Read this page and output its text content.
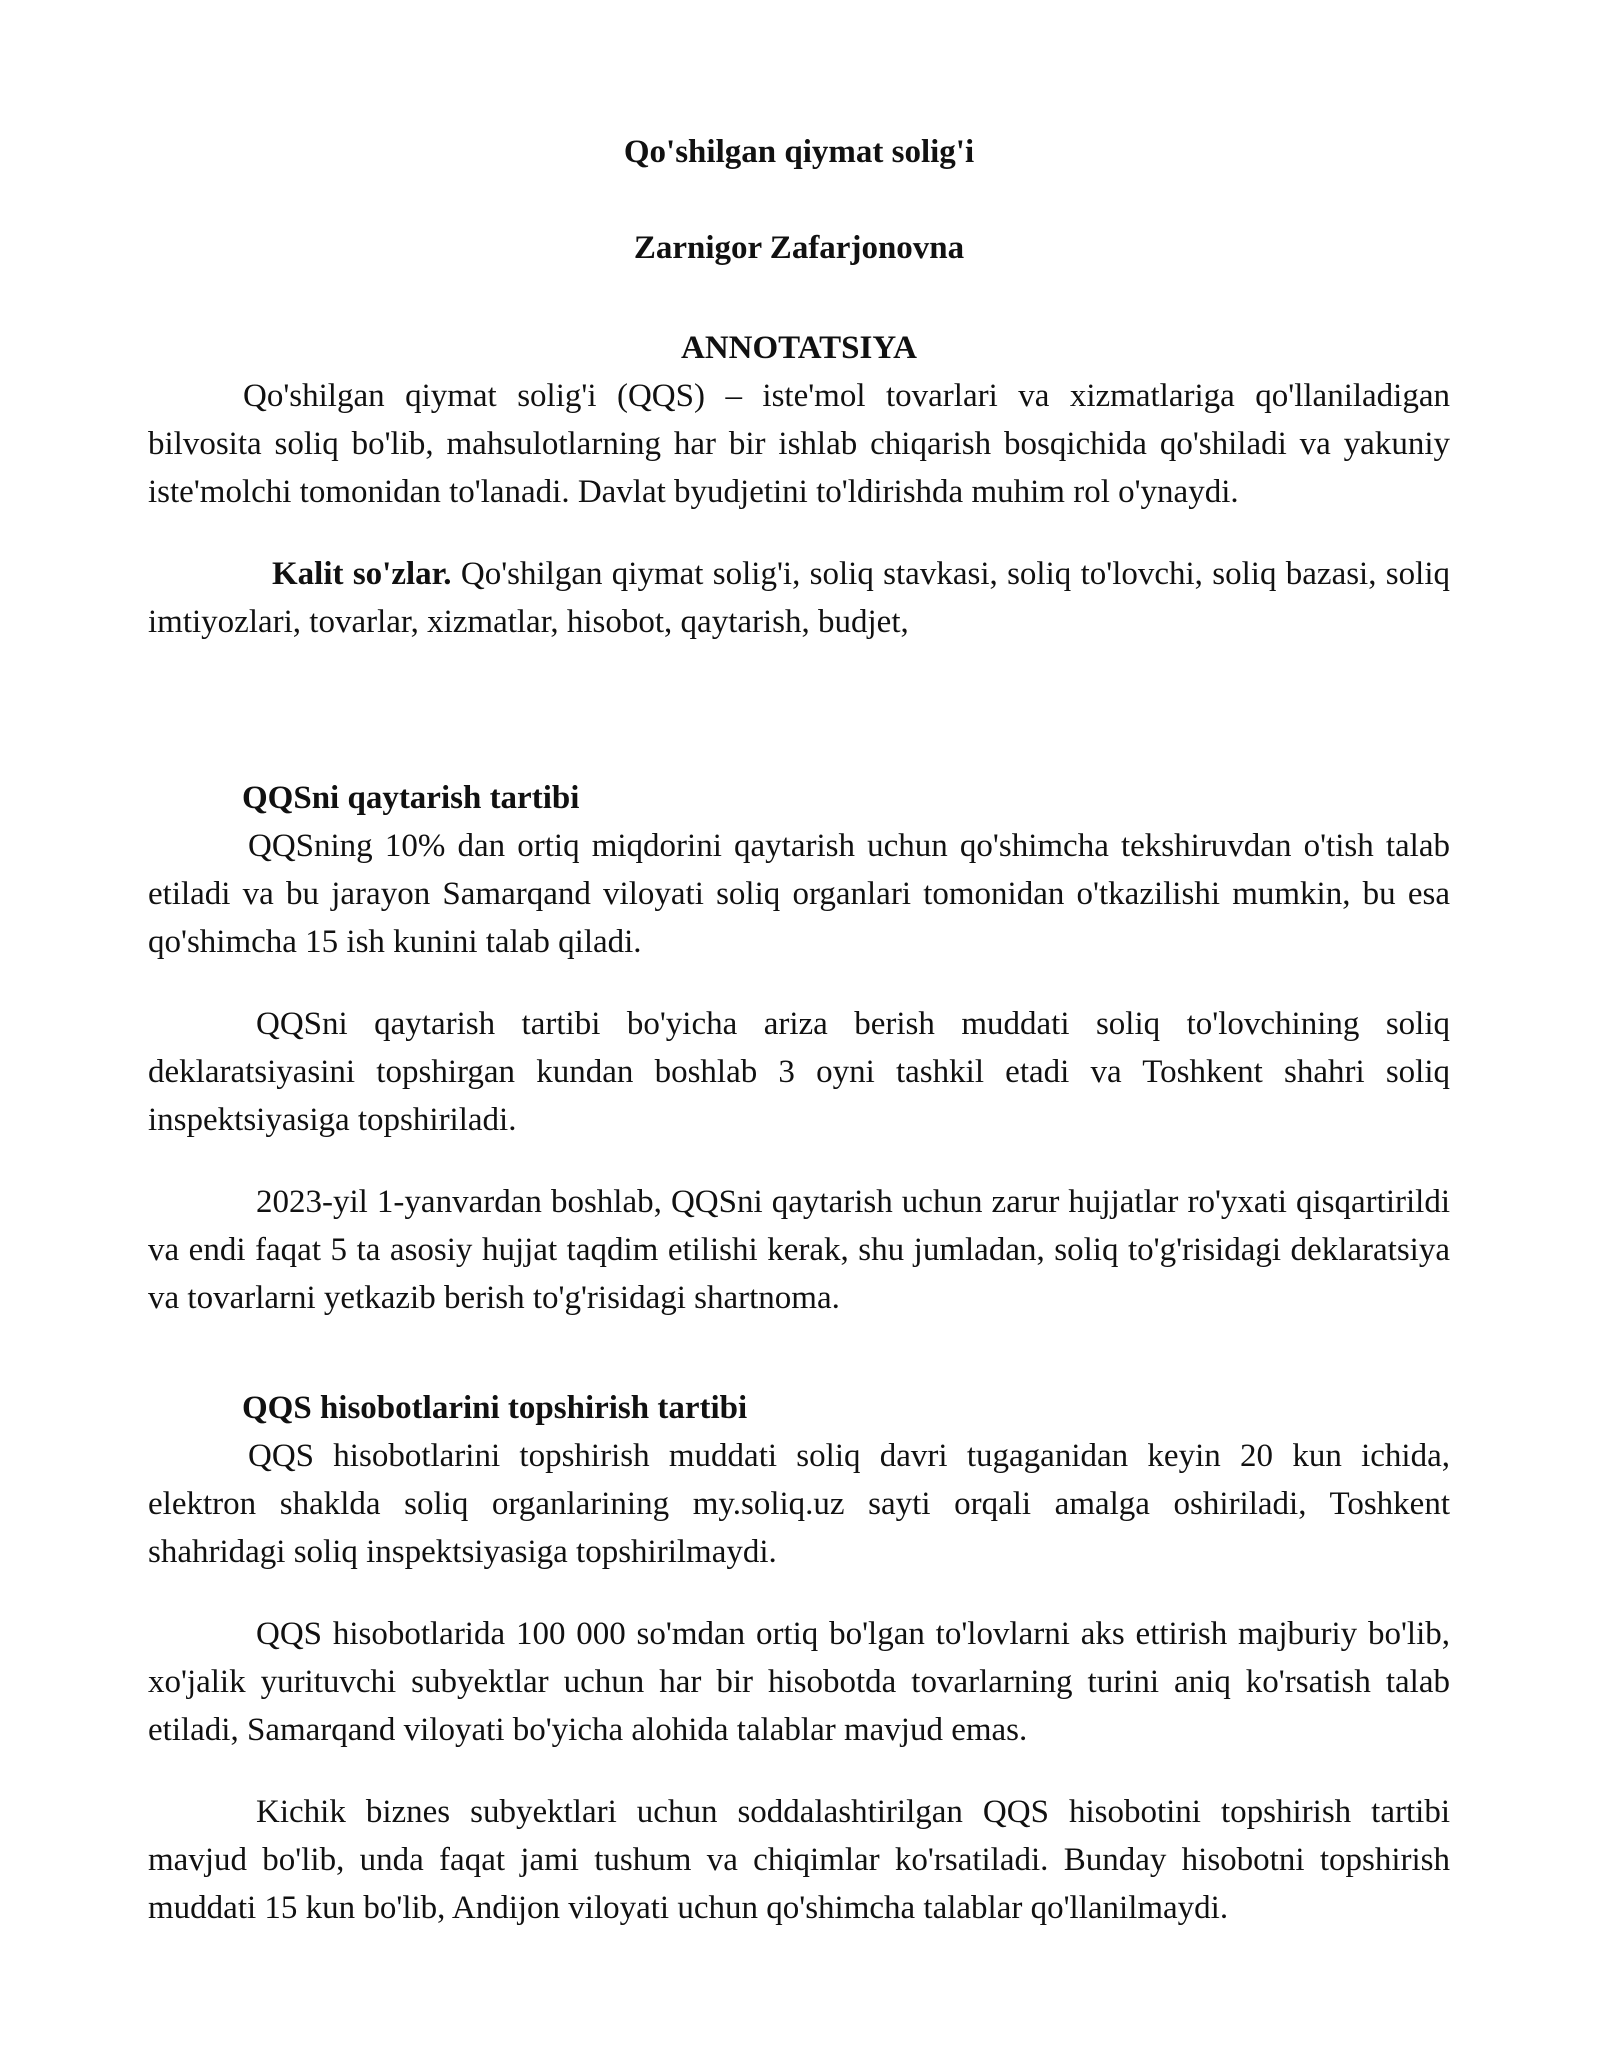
Qo'shilgan qiymat solig'i
Zarnigor Zafarjonovna
ANNOTATSIYA

Qo'shilgan qiymat solig'i (QQS) – iste'mol tovarlari va xizmatlariga qo'llaniladigan bilvosita soliq bo'lib, mahsulotlarning har bir ishlab chiqarish bosqichida qo'shiladi va yakuniy iste'molchi tomonidan to'lanadi. Davlat byudjetini to'ldirishda muhim rol o'ynaydi.

Kalit so'zlar. Qo'shilgan qiymat solig'i, soliq stavkasi, soliq to'lovchi, soliq bazasi, soliq imtiyozlari, tovarlar, xizmatlar, hisobot, qaytarish, budjet,

QQSni qaytarish tartibi

QQSning 10% dan ortiq miqdorini qaytarish uchun qo'shimcha tekshiruvdan o'tish talab etiladi va bu jarayon Samarqand viloyati soliq organlari tomonidan o'tkazilishi mumkin, bu esa qo'shimcha 15 ish kunini talab qiladi.

QQSni qaytarish tartibi bo'yicha ariza berish muddati soliq to'lovchining soliq deklaratsiyasini topshirgan kundan boshlab 3 oyni tashkil etadi va Toshkent shahri soliq inspektsiyasiga topshiriladi.

2023-yil 1-yanvardan boshlab, QQSni qaytarish uchun zarur hujjatlar ro'yxati qisqartirildi va endi faqat 5 ta asosiy hujjat taqdim etilishi kerak, shu jumladan, soliq to'g'risidagi deklaratsiya va tovarlarni yetkazib berish to'g'risidagi shartnoma.

QQS hisobotlarini topshirish tartibi

QQS hisobotlarini topshirish muddati soliq davri tugaganidan keyin 20 kun ichida, elektron shaklda soliq organlarining my.soliq.uz sayti orqali amalga oshiriladi, Toshkent shahridagi soliq inspektsiyasiga topshirilmaydi.

QQS hisobotlarida 100 000 so'mdan ortiq bo'lgan to'lovlarni aks ettirish majburiy bo'lib, xo'jalik yurituvchi subyektlar uchun har bir hisobotda tovarlarning turini aniq ko'rsatish talab etiladi, Samarqand viloyati bo'yicha alohida talablar mavjud emas.

Kichik biznes subyektlari uchun soddalashtirilgan QQS hisobotini topshirish tartibi mavjud bo'lib, unda faqat jami tushum va chiqimlar ko'rsatiladi. Bunday hisobotni topshirish muddati 15 kun bo'lib, Andijon viloyati uchun qo'shimcha talablar qo'llanilmaydi.
